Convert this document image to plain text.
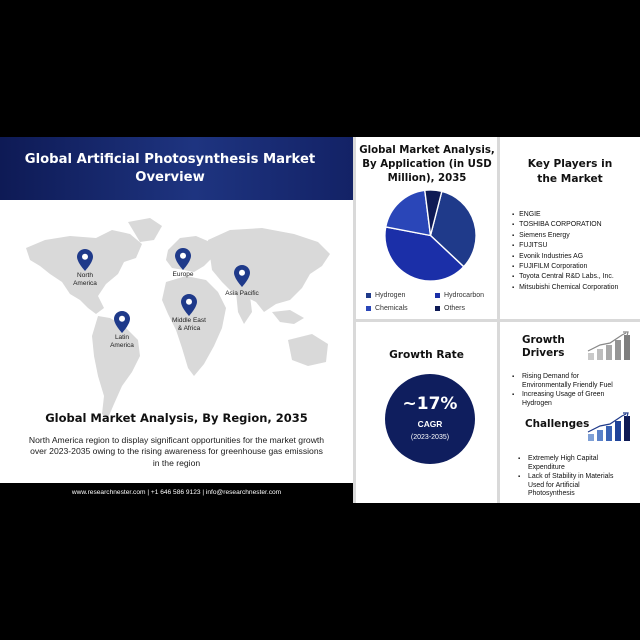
Global Artificial Photosynthesis Market
Overview
North
America
Europe
Asia Pacific
Latin
America
Middle East
& Africa
Global Market Analysis, By Region, 2035
North America region to display significant opportunities for the market growth
over 2023-2035 owing to the rising awareness for greenhouse gas emissions
in the region
www.researchnester.com | +1 646 586 9123 | info@researchnester.com
Global Market Analysis,
By Application (in USD
Million), 2035
Hydrogen	Hydrocarbon
Chemicals	Others
Key Players in
the Market
▪ ENGIE
▪ TOSHIBA CORPORATION
▪ Siemens Energy
▪ FUJITSU
▪ Evonik Industries AG
▪ FUJIFILM Corporation
▪ Toyota Central R&D Labs., Inc.
▪ Mitsubishi Chemical Corporation
Growth Rate
~17%
CAGR
(2023-2035)
Growth
Drivers
▪ Rising Demand for
Environmentally Friendly Fuel
▪ Increasing Usage of Green
Hydrogen
Challenges
▪ Extremely High Capital
Expenditure
▪ Lack of Stability in Materials
Used for Artificial
Photosynthesis
